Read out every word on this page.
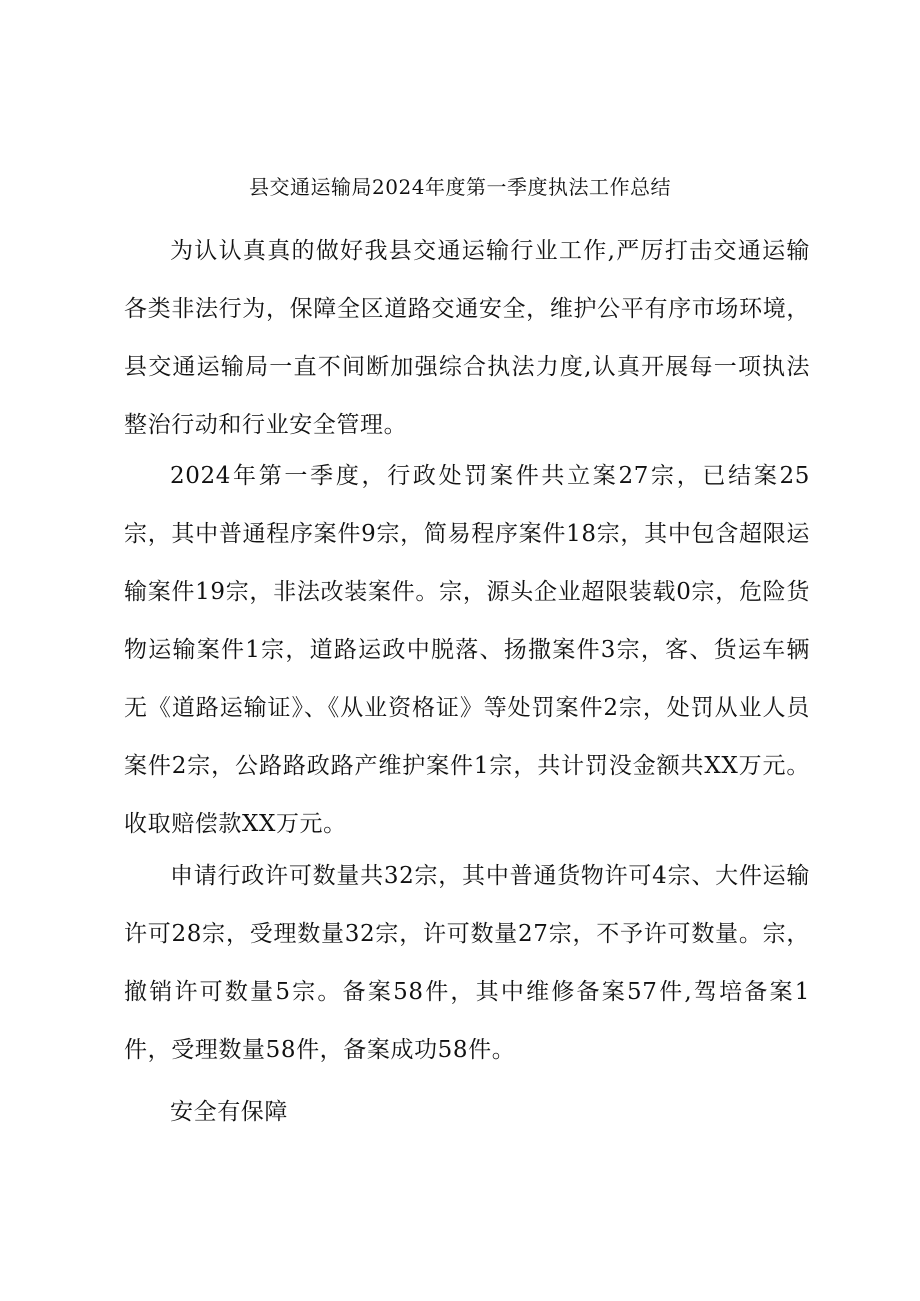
县交通运输局2024年度第一季度执法工作总结

为认认真真的做好我县交通运输行业工作,严厉打击交通运输各类非法行为，保障全区道路交通安全，维护公平有序市场环境，县交通运输局一直不间断加强综合执法力度,认真开展每一项执法整治行动和行业安全管理。

2024年第一季度，行政处罚案件共立案27宗，已结案25宗，其中普通程序案件9宗，简易程序案件18宗，其中包含超限运输案件19宗，非法改装案件。宗，源头企业超限装载0宗，危险货物运输案件1宗，道路运政中脱落、扬撒案件3宗，客、货运车辆无《道路运输证》、《从业资格证》等处罚案件2宗，处罚从业人员案件2宗，公路路政路产维护案件1宗，共计罚没金额共XX万元。收取赔偿款XX万元。

申请行政许可数量共32宗，其中普通货物许可4宗、大件运输许可28宗，受理数量32宗，许可数量27宗，不予许可数量。宗，撤销许可数量5宗。备案58件，其中维修备案57件,驾培备案1件，受理数量58件，备案成功58件。

安全有保障
